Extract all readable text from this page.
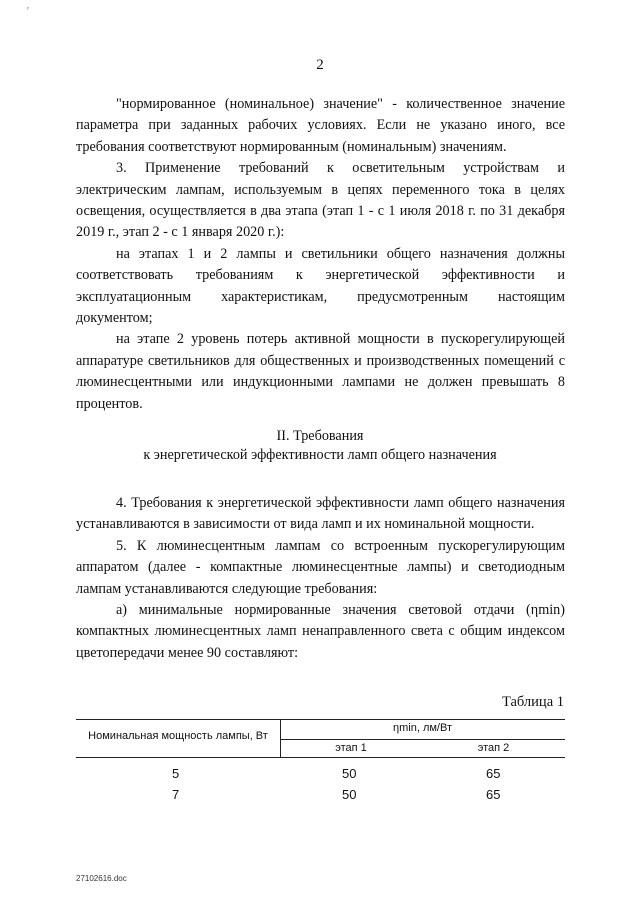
'
2

"нормированное (номинальное) значение" - количественное значение параметра при заданных рабочих условиях. Если не указано иного, все требования соответствуют нормированным (номинальным) значениям.

3. Применение требований к осветительным устройствам и электрическим лампам, используемым в цепях переменного тока в целях освещения, осуществляется в два этапа (этап 1 - с 1 июля 2018 г. по 31 декабря 2019 г., этап 2 - с 1 января 2020 г.):

на этапах 1 и 2 лампы и светильники общего назначения должны соответствовать требованиям к энергетической эффективности и эксплуатационным характеристикам, предусмотренным настоящим документом;

на этапе 2 уровень потерь активной мощности в пускорегулирующей аппаратуре светильников для общественных и производственных помещений с люминесцентными или индукционными лампами не должен превышать 8 процентов.

II. Требования
к энергетической эффективности ламп общего назначения

4. Требования к энергетической эффективности ламп общего назначения устанавливаются в зависимости от вида ламп и их номинальной мощности.

5. К люминесцентным лампам со встроенным пускорегулирующим аппаратом (далее - компактные люминесцентные лампы) и светодиодным лампам устанавливаются следующие требования:

а) минимальные нормированные значения световой отдачи (ηmin) компактных люминесцентных ламп ненаправленного света с общим индексом цветопередачи менее 90 составляют:

Таблица 1
Номинальная мощность лампы, Вт
ηmin, лм/Вт
этап 1	этап 2
5	50	65
7	50	65
27102616.doc
